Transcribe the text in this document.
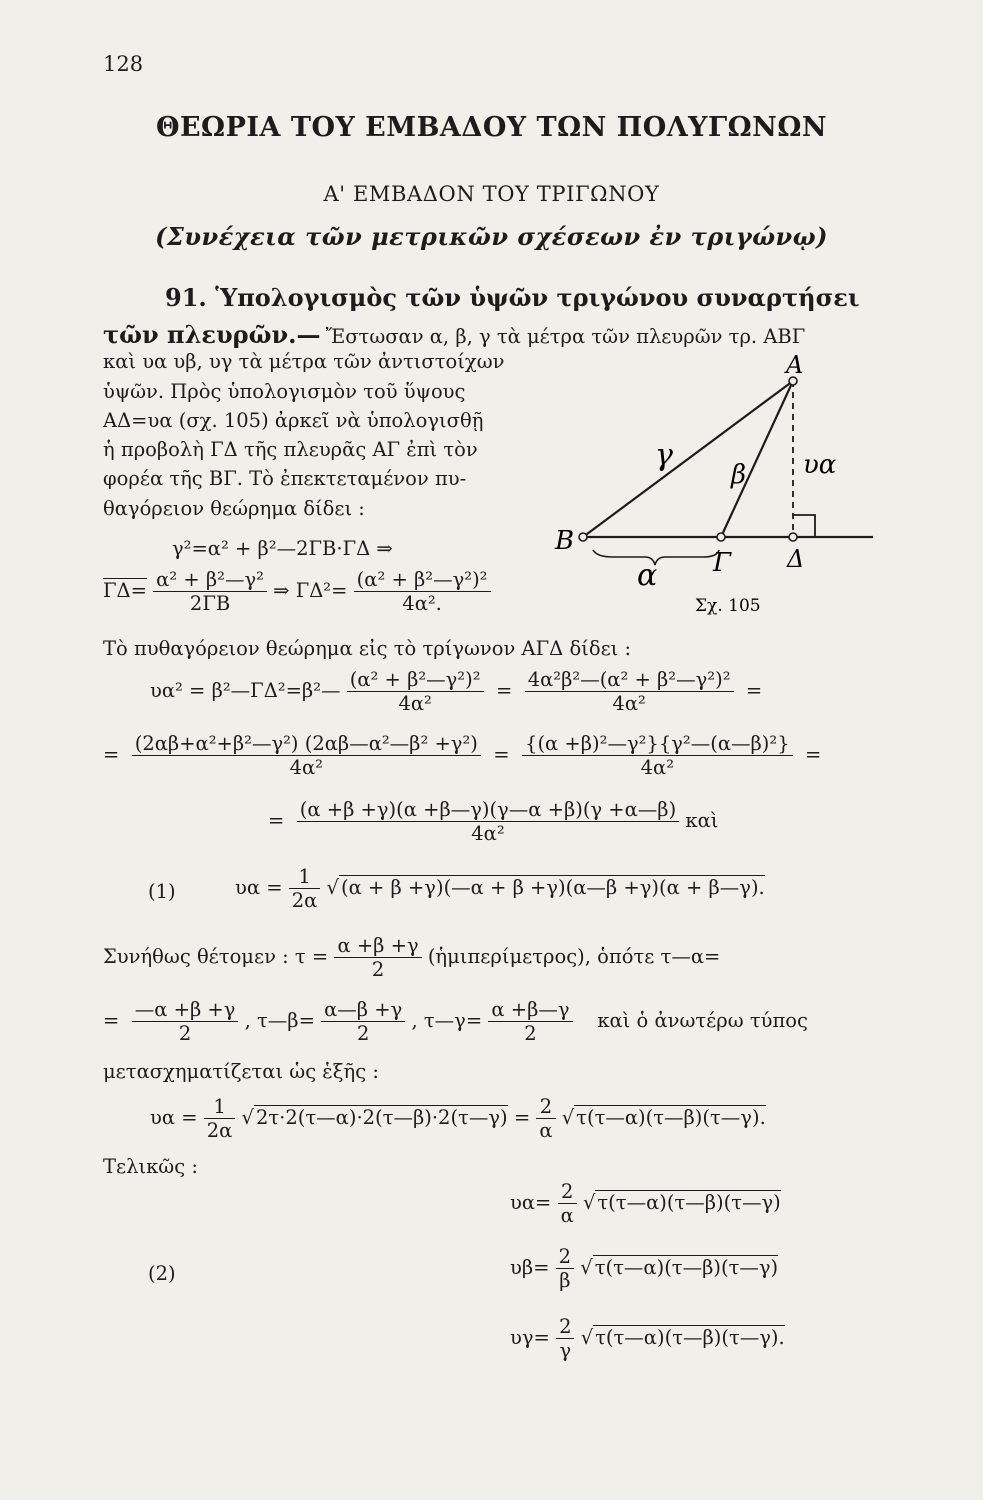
128
ΘΕΩΡΙΑ ΤΟΥ ΕΜΒΑΔΟΥ ΤΩΝ ΠΟΛΥΓΩΝΩΝ
Α' ΕΜΒΑΔΟΝ ΤΟΥ ΤΡΙΓΩΝΟΥ
(Συνέχεια τῶν μετρικῶν σχέσεων ἐν τριγώνῳ)
91. Ὑπολογισμὸς τῶν ὑψῶν τριγώνου συναρτήσει
τῶν πλευρῶν.— Ἔστωσαν α, β, γ τὰ μέτρα τῶν πλευρῶν τρ. ΑΒΓ
καὶ υα υβ, υγ τὰ μέτρα τῶν ἀντιστοίχων
ὑψῶν. Πρὸς ὑπολογισμὸν τοῦ ὕψους
ΑΔ=υα (σχ. 105) ἀρκεῖ νὰ ὑπολογισθῇ
ἡ προβολὴ ΓΔ τῆς πλευρᾶς ΑΓ ἐπὶ τὸν
φορέα τῆς ΒΓ. Τὸ ἐπεκτεταμένον πυ-
θαγόρειον θεώρημα δίδει :
Α
Β
Γ Δ
α
β
γ	υα
Σχ. 105
γ²=α² + β²—2ΓΒ·ΓΔ ⇒
$\Gamma\Delta= \frac{\text{α² + β²—γ²}}{2\Gamma B}$ ⇒ $\Gamma\Delta^2= \frac{\text{(α² + β²—γ²)²}}{\text{4α².}}$
Τὸ πυθαγόρειον θεώρημα εἰς τὸ τρίγωνον ΑΓΔ δίδει :
υα² = β²—ΓΔ²=β²— $\frac{\text{(α² + β²—γ²)²}}{\text{4α²}} = \frac{\text{4α²β²—(α² + β²—γ²)²}}{\text{4α²}}$ =
= $\frac{\text{(2αβ+α²+β²—γ²) (2αβ—α²—β² +γ²)}}{\text{4α²}} = \frac{\text{\{(α +β)²—γ²\}\{γ²—(α—β)²\}}}{\text{4α²}}$ =
= $\frac{(\alpha +\beta +\gamma)(\alpha +\beta—\gamma)(\gamma—\alpha +\beta)(\gamma +\alpha—\beta)}{\text{4α²}}$ καὶ
(1)	$\upsilon\alpha = \frac{1}{2\alpha}$ √ (α + β +γ)(—α + β +γ)(α—β +γ)(α + β—γ).
Συνήθως θέτομεν : $\tau = \frac{\alpha +\beta +\gamma}{2}$ (ἡμιπερίμετρος), ὁπότε τ—α=
= $\frac{—\alpha +\beta +\gamma}{2}$ , τ—β= $\frac{\alpha—\beta +\gamma}{2}$ , τ—γ= $\frac{\alpha +\beta—\gamma}{2}$ καὶ ὁ ἀνωτέρω τύπος
μετασχηματίζεται ὡς ἑξῆς :
$\upsilon\alpha = \frac{1}{2\alpha}$ √ 2τ·2(τ—α)·2(τ—β)·2(τ—γ) = $\frac{2}{\alpha}$ √ τ(τ—α)(τ—β)(τ—γ).
Τελικῶς :
$\upsilon\alpha= \frac{2}{\alpha}$ √ τ(τ—α)(τ—β)(τ—γ)
(2)	$\upsilon\beta= \frac{2}{\beta}$ √ τ(τ—α)(τ—β)(τ—γ)
$\upsilon\gamma= \frac{2}{\gamma}$ √ τ(τ—α)(τ—β)(τ—γ).
